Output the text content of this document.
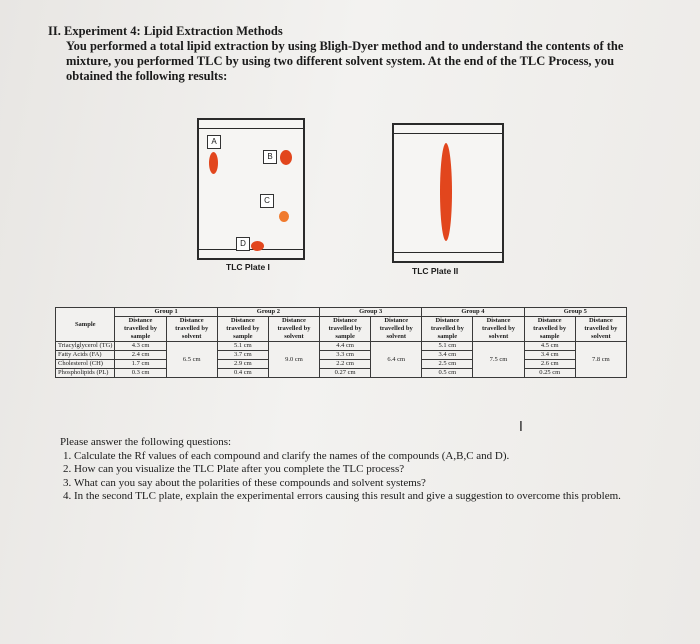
II. Experiment 4: Lipid Extraction Methods
You performed a total lipid extraction by using Bligh-Dyer method and to understand the contents of the mixture, you performed TLC by using two different solvent system. At the end of the TLC Process, you obtained the following results:
A
B
C
D
TLC Plate I	TLC Plate II
Sample	Group 1		Group 2		Group 3		Group 4		Group 5	
	Distance travelled by sample	Distance travelled by solvent	Distance travelled by sample	Distance travelled by solvent	Distance travelled by sample	Distance travelled by solvent	Distance travelled by sample	Distance travelled by solvent	Distance travelled by sample	Distance travelled by solvent
Triacylglycerol (TG)	4.3 cm	6.5 cm	5.1 cm	9.0 cm	4.4 cm	6.4 cm	5.1 cm	7.5 cm	4.5 cm	7.8 cm
Fatty Acids (FA)	2.4 cm		3.7 cm		3.3 cm		3.4 cm		3.4 cm	
Cholesterol (CH)	1.7 cm		2.9 cm		2.2 cm		2.5 cm		2.6 cm	
Phospholipids (PL)	0.3 cm		0.4 cm		0.27 cm		0.5 cm		0.25 cm	
I
Please answer the following questions:
1. Calculate the Rf values of each compound and clarify the names of the compounds (A,B,C and D).
2. How can you visualize the TLC Plate after you complete the TLC process?
3. What can you say about the polarities of these compounds and solvent systems?
4. In the second TLC plate, explain the experimental errors causing this result and give a suggestion to overcome this problem.
